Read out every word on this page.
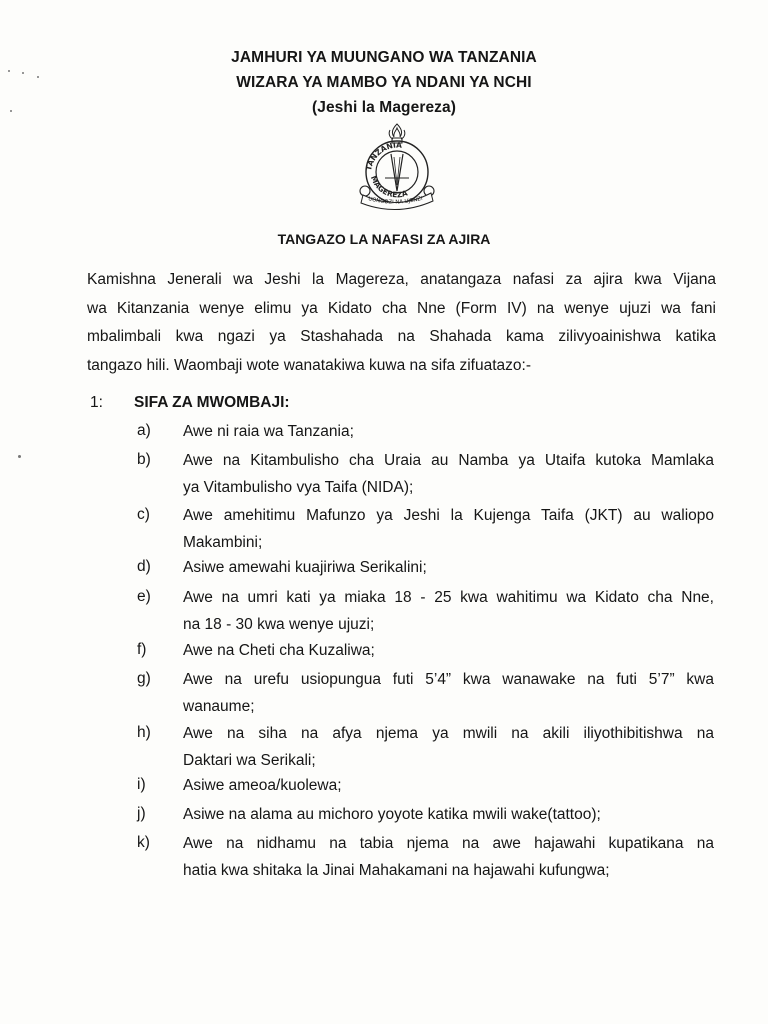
JAMHURI YA MUUNGANO WA TANZANIA
WIZARA YA MAMBO YA NDANI YA NCHI
(Jeshi la Magereza)
TANZANIA
MAGEREZA
UONGOZI NA UJENZI
TANGAZO LA NAFASI ZA AJIRA
Kamishna Jenerali wa Jeshi la Magereza, anatangaza nafasi za ajira kwa Vijana
wa Kitanzania wenye elimu ya Kidato cha Nne (Form IV) na wenye ujuzi wa fani
mbalimbali kwa ngazi ya Stashahada na Shahada kama zilivyoainishwa katika
tangazo hili. Waombaji wote wanatakiwa kuwa na sifa zifuatazo:-
1: SIFA ZA MWOMBAJI:
a) Awe ni raia wa Tanzania;
b) Awe na Kitambulisho cha Uraia au Namba ya Utaifa kutoka Mamlaka
ya Vitambulisho vya Taifa (NIDA);
c) Awe amehitimu Mafunzo ya Jeshi la Kujenga Taifa (JKT) au waliopo
Makambini;
d) Asiwe amewahi kuajiriwa Serikalini;
e) Awe na umri kati ya miaka 18 - 25 kwa wahitimu wa Kidato cha Nne,
na 18 - 30 kwa wenye ujuzi;
f) Awe na Cheti cha Kuzaliwa;
g) Awe na urefu usiopungua futi 5’4” kwa wanawake na futi 5’7” kwa
wanaume;
h) Awe na siha na afya njema ya mwili na akili iliyothibitishwa na
Daktari wa Serikali;
i) Asiwe ameoa/kuolewa;
j) Asiwe na alama au michoro yoyote katika mwili wake(tattoo);
k) Awe na nidhamu na tabia njema na awe hajawahi kupatikana na
hatia kwa shitaka la Jinai Mahakamani na hajawahi kufungwa;
